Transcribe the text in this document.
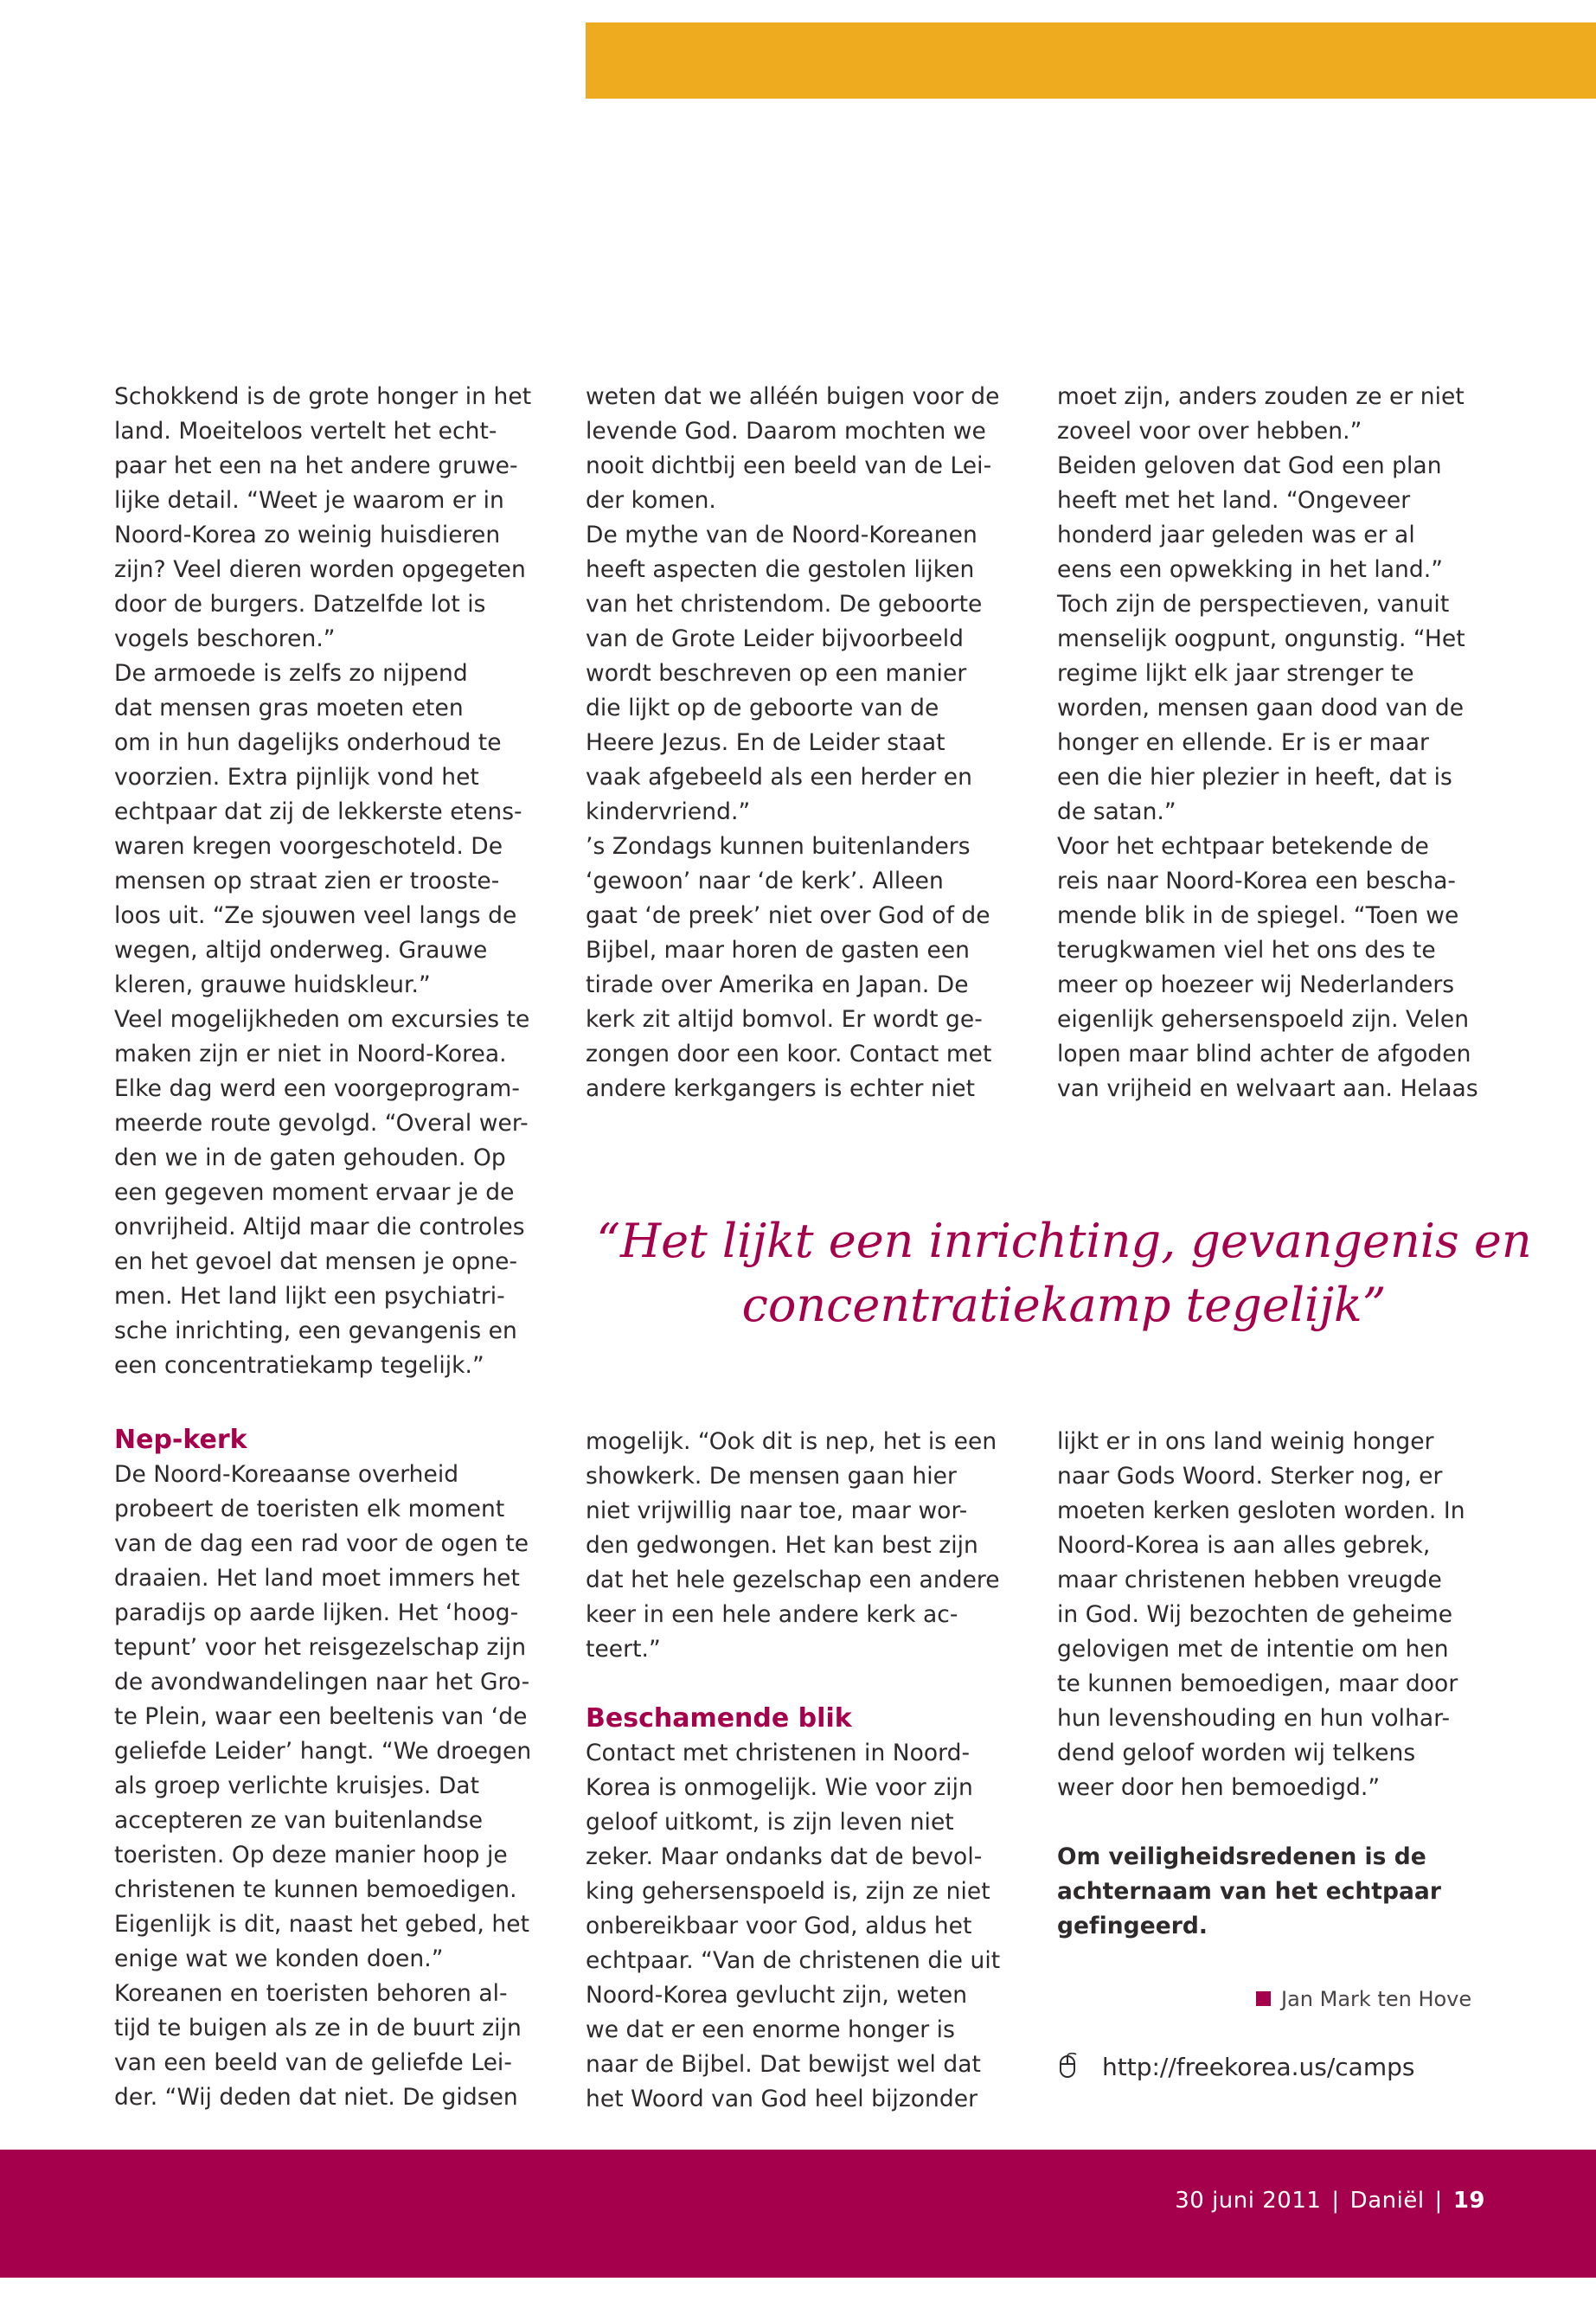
Schokkend is de grote honger in het

land. Moeiteloos vertelt het echt-

paar het een na het andere gruwe-

lijke detail. “Weet je waarom er in

Noord-Korea zo weinig huisdieren

zijn? Veel dieren worden opgegeten

door de burgers. Datzelfde lot is

vogels beschoren.”

De armoede is zelfs zo nijpend

dat mensen gras moeten eten

om in hun dagelijks onderhoud te

voorzien. Extra pijnlijk vond het

echtpaar dat zij de lekkerste etens-

waren kregen voorgeschoteld. De

mensen op straat zien er trooste-

loos uit. “Ze sjouwen veel langs de

wegen, altijd onderweg. Grauwe

kleren, grauwe huidskleur.”

Veel mogelijkheden om excursies te

maken zijn er niet in Noord-Korea.

Elke dag werd een voorgeprogram-

meerde route gevolgd. “Overal wer-

den we in de gaten gehouden. Op

een gegeven moment ervaar je de

onvrijheid. Altijd maar die controles

en het gevoel dat mensen je opne-

men. Het land lijkt een psychiatri-

sche inrichting, een gevangenis en

een concentratiekamp tegelijk.”

weten dat we alléén buigen voor de

levende God. Daarom mochten we

nooit dichtbij een beeld van de Lei-

der komen.

De mythe van de Noord-Koreanen

heeft aspecten die gestolen lijken

van het christendom. De geboorte

van de Grote Leider bijvoorbeeld

wordt beschreven op een manier

die lijkt op de geboorte van de

Heere Jezus. En de Leider staat

vaak afgebeeld als een herder en

kindervriend.”

’s Zondags kunnen buitenlanders

‘gewoon’ naar ‘de kerk’. Alleen

gaat ‘de preek’ niet over God of de

Bijbel, maar horen de gasten een

tirade over Amerika en Japan. De

kerk zit altijd bomvol. Er wordt ge-

zongen door een koor. Contact met

andere kerkgangers is echter niet

moet zijn, anders zouden ze er niet

zoveel voor over hebben.”

Beiden geloven dat God een plan

heeft met het land. “Ongeveer

honderd jaar geleden was er al

eens een opwekking in het land.”

Toch zijn de perspectieven, vanuit

menselijk oogpunt, ongunstig. “Het

regime lijkt elk jaar strenger te

worden, mensen gaan dood van de

honger en ellende. Er is er maar

een die hier plezier in heeft, dat is

de satan.”

Voor het echtpaar betekende de

reis naar Noord-Korea een bescha-

mende blik in de spiegel. “Toen we

terugkwamen viel het ons des te

meer op hoezeer wij Nederlanders

eigenlijk gehersenspoeld zijn. Velen

lopen maar blind achter de afgoden

van vrijheid en welvaart aan. Helaas

“Het lijkt een inrichting, gevangenis en
concentratiekamp tegelijk”
Nep-kerk

De Noord-Koreaanse overheid

probeert de toeristen elk moment

van de dag een rad voor de ogen te

draaien. Het land moet immers het

paradijs op aarde lijken. Het ‘hoog-

tepunt’ voor het reisgezelschap zijn

de avondwandelingen naar het Gro-

te Plein, waar een beeltenis van ‘de

geliefde Leider’ hangt. “We droegen

als groep verlichte kruisjes. Dat

accepteren ze van buitenlandse

toeristen. Op deze manier hoop je

christenen te kunnen bemoedigen.

Eigenlijk is dit, naast het gebed, het

enige wat we konden doen.”

Koreanen en toeristen behoren al-

tijd te buigen als ze in de buurt zijn

van een beeld van de geliefde Lei-

der. “Wij deden dat niet. De gidsen

mogelijk. “Ook dit is nep, het is een

showkerk. De mensen gaan hier

niet vrijwillig naar toe, maar wor-

den gedwongen. Het kan best zijn

dat het hele gezelschap een andere

keer in een hele andere kerk ac-

teert.”

Beschamende blik

Contact met christenen in Noord-

Korea is onmogelijk. Wie voor zijn

geloof uitkomt, is zijn leven niet

zeker. Maar ondanks dat de bevol-

king gehersenspoeld is, zijn ze niet

onbereikbaar voor God, aldus het

echtpaar. “Van de christenen die uit

Noord-Korea gevlucht zijn, weten

we dat er een enorme honger is

naar de Bijbel. Dat bewijst wel dat

het Woord van God heel bijzonder

lijkt er in ons land weinig honger

naar Gods Woord. Sterker nog, er

moeten kerken gesloten worden. In

Noord-Korea is aan alles gebrek,

maar christenen hebben vreugde

in God. Wij bezochten de geheime

gelovigen met de intentie om hen

te kunnen bemoedigen, maar door

hun levenshouding en hun volhar-

dend geloof worden wij telkens

weer door hen bemoedigd.”

Om veiligheidsredenen is de

achternaam van het echtpaar

gefingeerd.

Jan Mark ten Hove
http://freekorea.us/camps
30 juni 2011 | Daniël | 19
